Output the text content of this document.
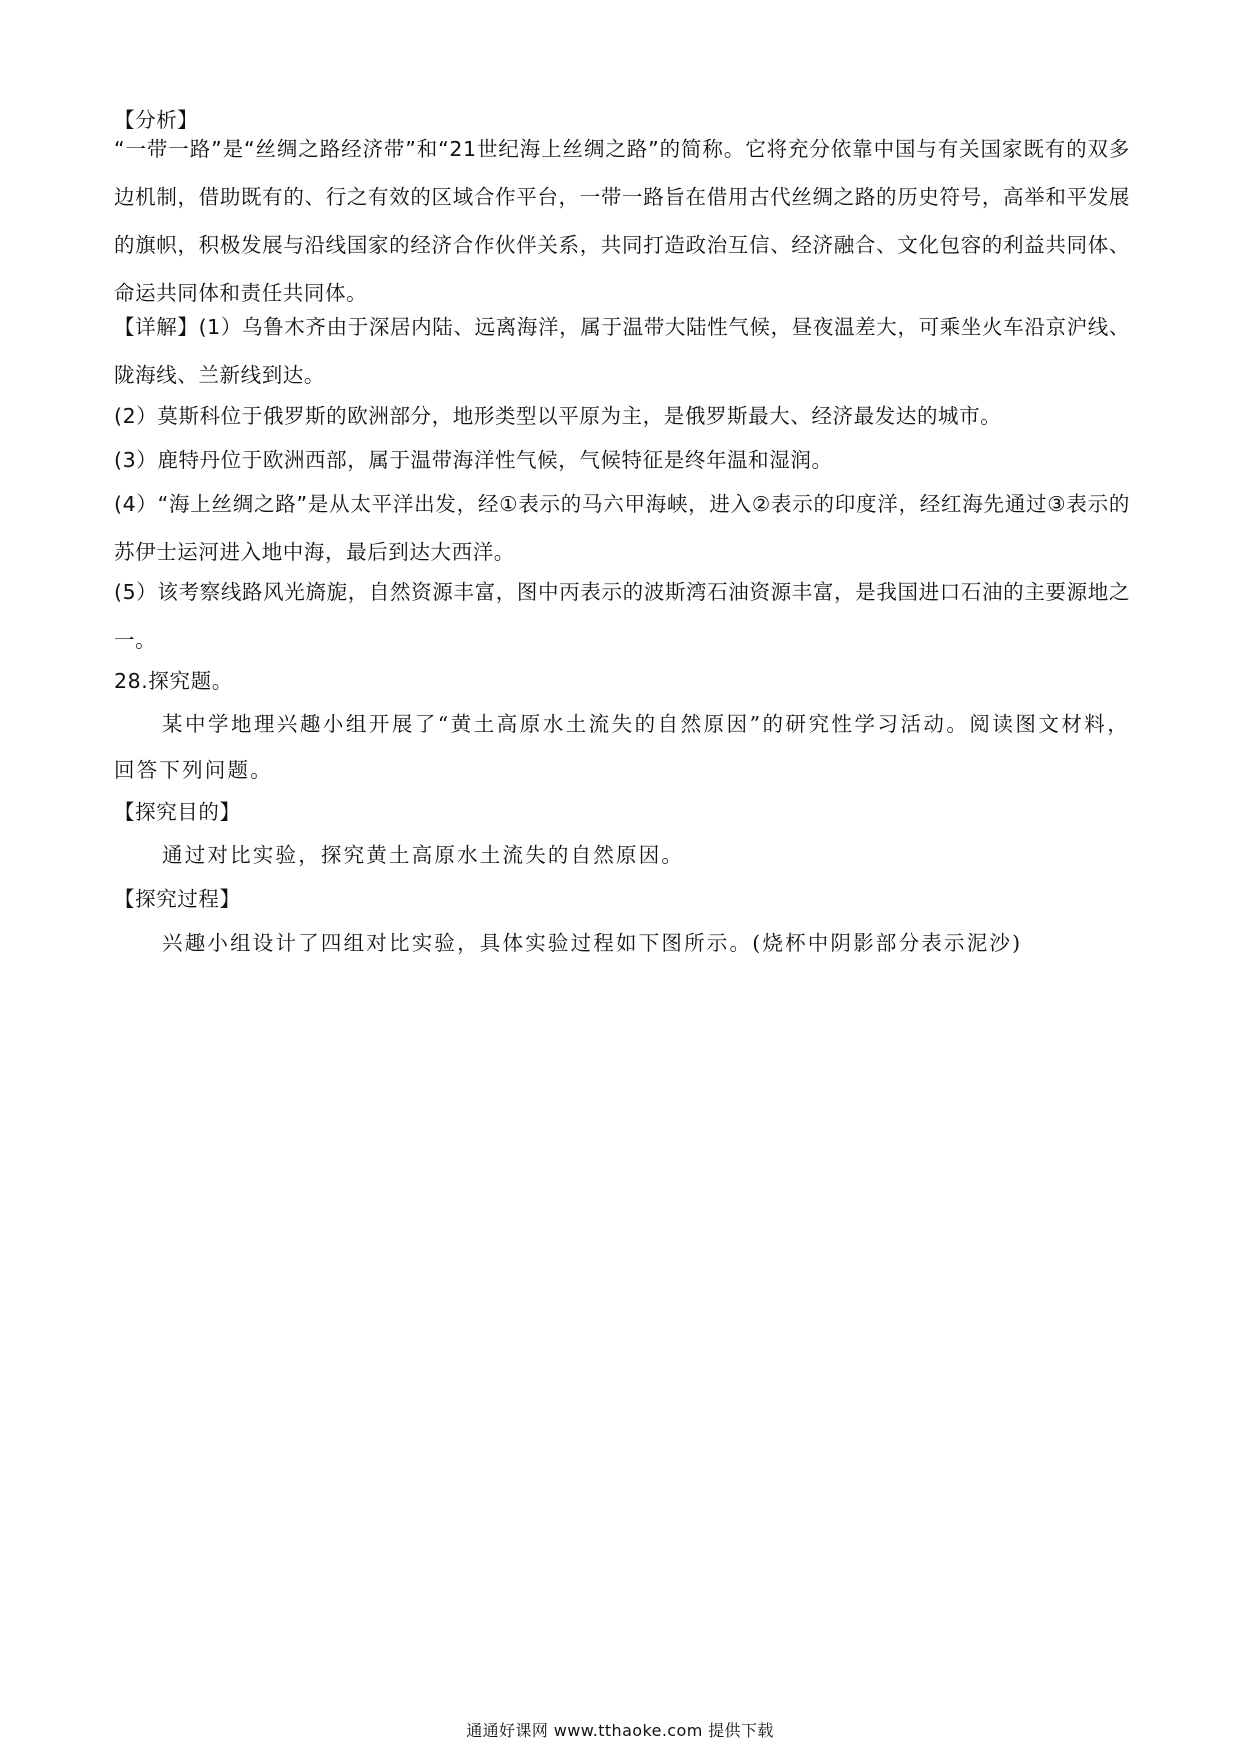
【分析】

“一带一路”是“丝绸之路经济带”和“21世纪海上丝绸之路”的简称。它将充分依靠中国与有关国家既有的双多边机制，借助既有的、行之有效的区域合作平台，一带一路旨在借用古代丝绸之路的历史符号，高举和平发展的旗帜，积极发展与沿线国家的经济合作伙伴关系，共同打造政治互信、经济融合、文化包容的利益共同体、命运共同体和责任共同体。

【详解】(1）乌鲁木齐由于深居内陆、远离海洋，属于温带大陆性气候，昼夜温差大，可乘坐火车沿京沪线、陇海线、兰新线到达。

(2）莫斯科位于俄罗斯的欧洲部分，地形类型以平原为主，是俄罗斯最大、经济最发达的城市。

(3）鹿特丹位于欧洲西部，属于温带海洋性气候，气候特征是终年温和湿润。

(4）“海上丝绸之路”是从太平洋出发，经①表示的马六甲海峡，进入②表示的印度洋，经红海先通过③表示的苏伊士运河进入地中海，最后到达大西洋。

(5）该考察线路风光旖旎，自然资源丰富，图中丙表示的波斯湾石油资源丰富，是我国进口石油的主要源地之一。

28.探究题。

某中学地理兴趣小组开展了“黄土高原水土流失的自然原因”的研究性学习活动。阅读图文材料，回答下列问题。

【探究目的】

通过对比实验，探究黄土高原水土流失的自然原因。

【探究过程】

兴趣小组设计了四组对比实验，具体实验过程如下图所示。(烧杯中阴影部分表示泥沙)

通通好课网 www.tthaoke.com 提供下载
